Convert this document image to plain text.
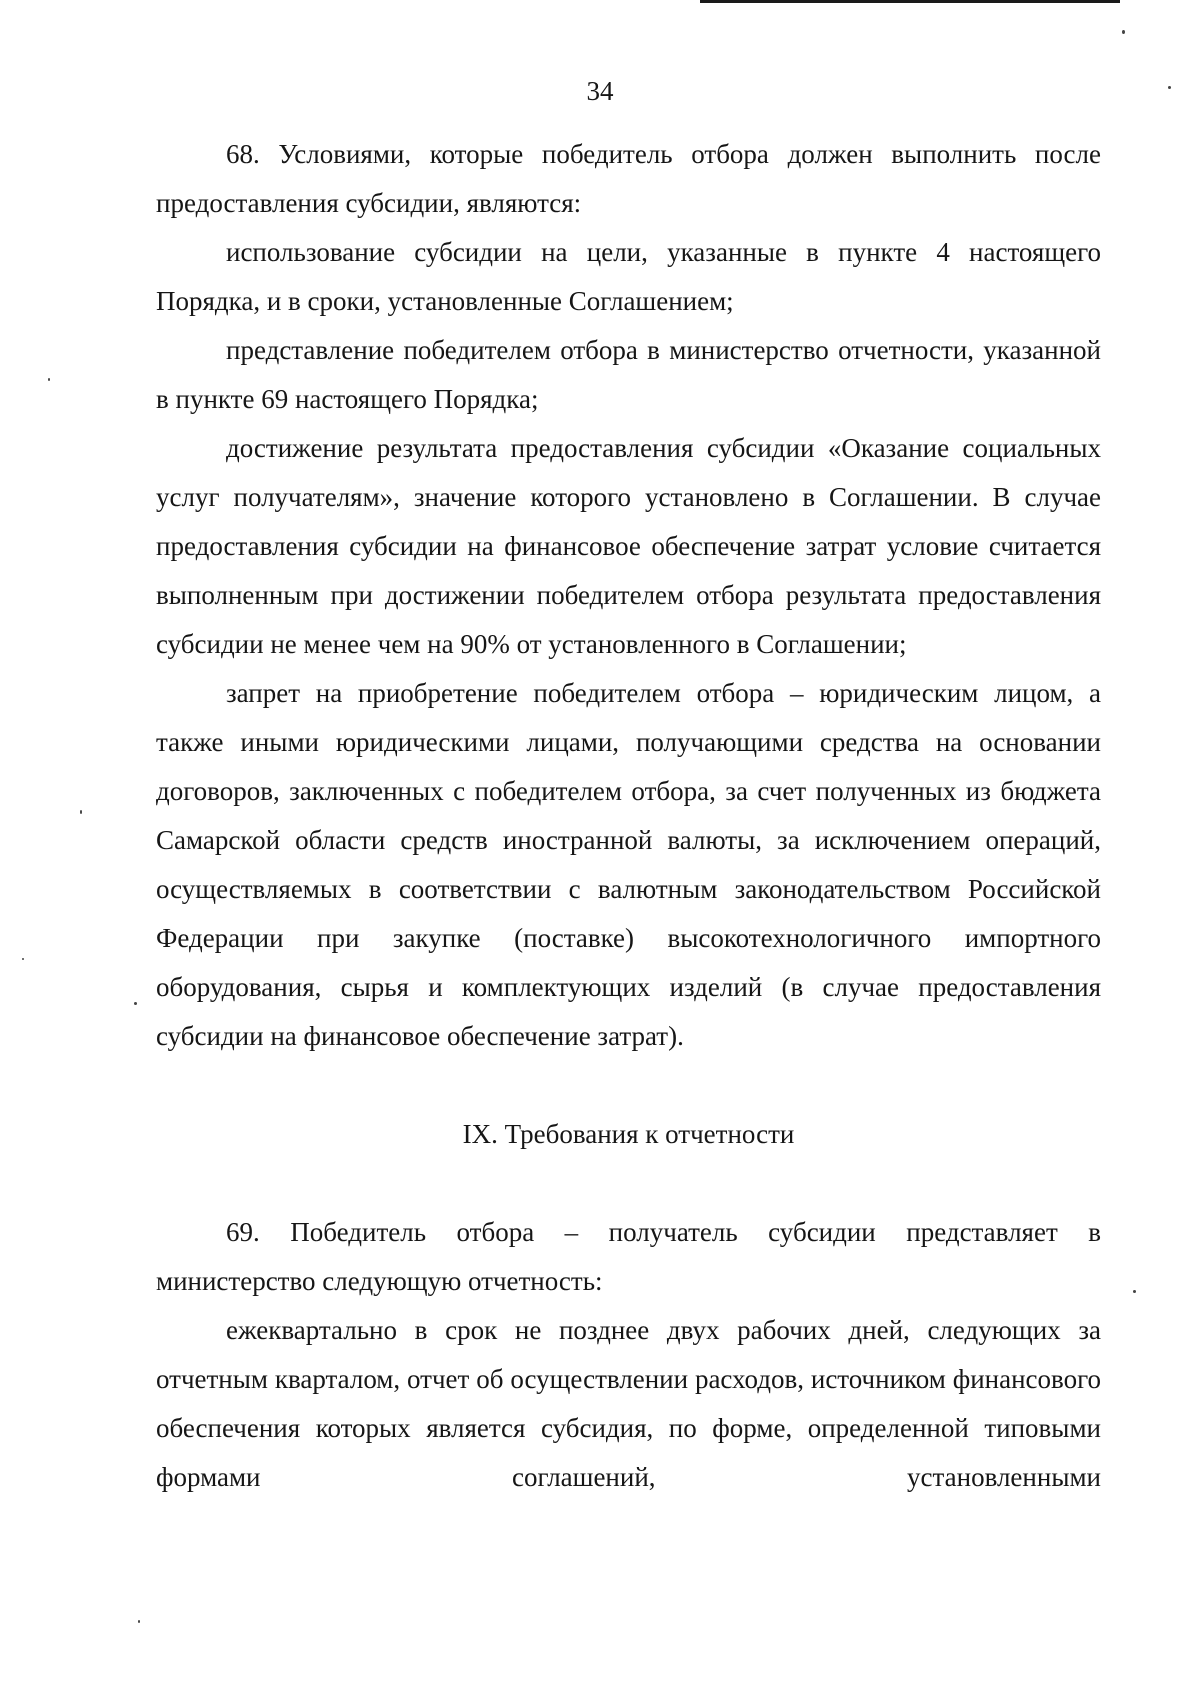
34

68. Условиями, которые победитель отбора должен выполнить после предоставления субсидии, являются:

использование субсидии на цели, указанные в пункте 4 настоящего Порядка, и в сроки, установленные Соглашением;

представление победителем отбора в министерство отчетности, указанной в пункте 69 настоящего Порядка;

достижение результата предоставления субсидии «Оказание социальных услуг получателям», значение которого установлено в Соглашении. В случае предоставления субсидии на финансовое обеспечение затрат условие считается выполненным при достижении победителем отбора результата предоставления субсидии не менее чем на 90% от установленного в Соглашении;

запрет на приобретение победителем отбора – юридическим лицом, а также иными юридическими лицами, получающими средства на основании договоров, заключенных с победителем отбора, за счет полученных из бюджета Самарской области средств иностранной валюты, за исключением операций, осуществляемых в соответствии с валютным законодательством Российской Федерации при закупке (поставке) высокотехнологичного импортного оборудования, сырья и комплектующих изделий (в случае предоставления субсидии на финансовое обеспечение затрат).

IX. Требования к отчетности

69. Победитель отбора – получатель субсидии представляет в министерство следующую отчетность:

ежеквартально в срок не позднее двух рабочих дней, следующих за отчетным кварталом, отчет об осуществлении расходов, источником финансового обеспечения которых является субсидия, по форме, определенной типовыми формами соглашений, установленными
